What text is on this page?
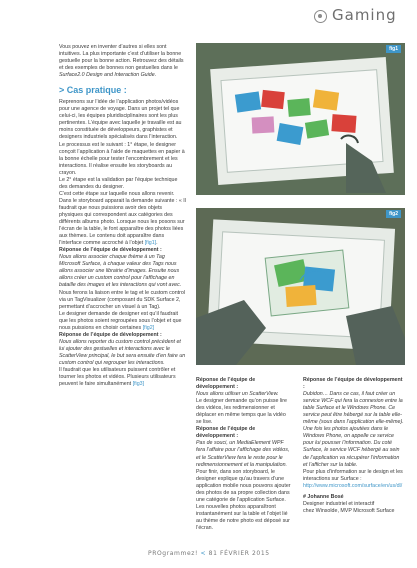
Gaming

Vous pouvez en inventer d’autres si elles sont intuitives. La plus importante c’est d’utiliser la bonne gestuelle pour la bonne action. Retrouvez des détails et des exemples de bonnes non gestuelles dans le Surface2.0 Design and Interaction Guide.

> Cas pratique :

Reprenons sur l’idée de l’application photos/vidéos pour une agence de voyage. Dans un projet tel que celui-ci, les équipes pluridisciplinaires sont les plus pertinentes. L’équipe avec laquelle je travaille est au moins constituée de développeurs, graphistes et designers industriels spécialisés dans l’interaction.

Le processus est le suivant : 1° étape, le designer conçoit l’application à l’aide de maquettes en papier à la bonne échelle pour tester l’encombrement et les interactions. Il réalise ensuite les storyboards au crayon.

Le 2° étape est la validation par l’équipe technique des demandes du designer.

C’est cette étape sur laquelle nous allons revenir. Dans le storyboard apparait la demande suivante : « Il faudrait que nous puissions avoir des objets physiques qui correspondent aux catégories des différents albums photo. Lorsque nous les posons sur l’écran de la table, le font apparaître des photos liées aux thèmes. Le contenu doit apparaître dans l’interface comme accroché à l’objet [fig1].

Réponse de l’équipe de développement :

Nous allons associer chaque thème à un Tag Microsoft Surface, à chaque valeur des Tags nous allons associer une librairie d’images. Ensuite nous allons créer un custom control pour l’affichage en bataille des images et les interactions qui vont avec.

Nous ferons la liaison entre le tag et le custom control via un TagVisualizer (composant du SDK Surface 2, permettant d’accrocher un visuel à un Tag).

Le designer demande de designer est qu’il faudrait que les photos soient regroupées sous l’objet et que nous puissions en choisir certaines [fig2]

Réponse de l’équipe de développement :

Nous allons reporter du custom control précédent et lui ajouter des gestuelles et interactions avec le ScatterView principal, le but sera ensuite d’en faire un custom control qui regrouper les interactions.

Il faudrait que les utilisateurs puissent contrôler et tourner les photos et vidéos. Plusieurs utilisateurs peuvent le faire simultanément [fig3]

fig1
fig2

Réponse de l’équipe de développement :

Nous allons utiliser un ScatterView.

Le designer demande qu’on puisse lire des vidéos, les redimensionner et déplacer en même temps que la vidéo se lise.

Réponse de l’équipe de développement :

Pas de souci, un MediaElement WPF fera l’affaire pour l’affichage des vidéos, et le ScatterView fera le reste pour le redimensionnement et la manipulation.

Pour finir, dans son storyboard, le designer explique qu’au travers d’une application mobile nous pouvons ajouter des photos de sa propre collection dans une catégorie de l’application Surface. Les nouvelles photos apparaîtront instantanément sur la table et l’objet lié au thème de notre photo est déposé sur l’écran.

Réponse de l’équipe de développement :

Dubidon… Dans ce cas, il faut créer un service WCF qui fera la connexion entre la table Surface et le Windows Phone. Ce service peut être hébergé sur la table elle-même (sous dans l’application elle-même). Une fois les photos ajoutées dans le Windows Phone, on appelle ce service pour lui pousser l’information. Du coté Surface, le service WCF hébergé au sein de l’application va récupérer l’information et l’afficher sur la table.

Pour plus d’information sur le design et les interactions sur Surface : http://www.microsoft.com/surface/en/us/dl/

# Johanne Bosé

Designer industriel et interactif

chez Winsolde, MVP Microsoft Surface

PROgrammez! < 81 FÉVRIER 2015
